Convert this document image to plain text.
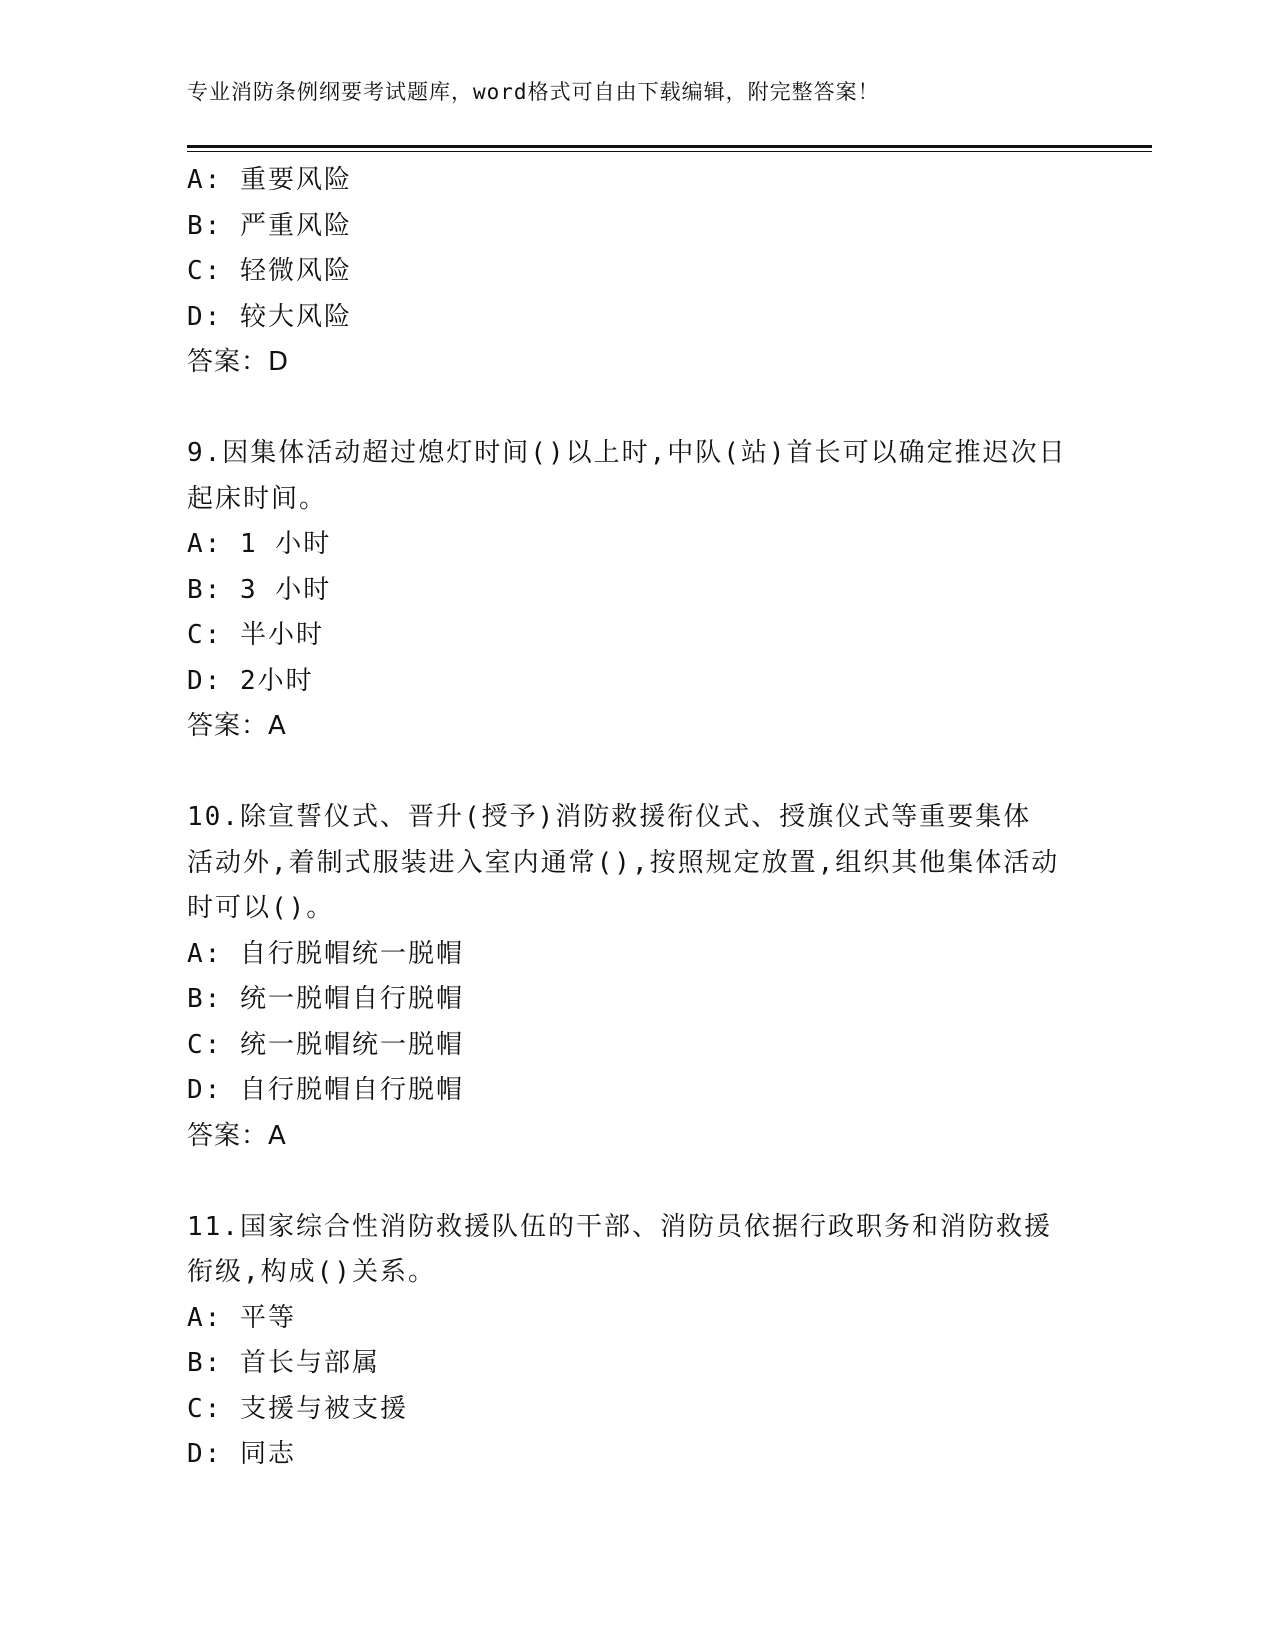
专业消防条例纲要考试题库，word格式可自由下载编辑，附完整答案！
A: 重要风险
B: 严重风险
C: 轻微风险
D: 较大风险
答案：D
9.因集体活动超过熄灯时间()以上时,中队(站)首长可以确定推迟次日
起床时间。
A: 1 小时
B: 3 小时
C: 半小时
D: 2小时
答案：A
10.除宣誓仪式、晋升(授予)消防救援衔仪式、授旗仪式等重要集体
活动外,着制式服装进入室内通常(),按照规定放置,组织其他集体活动
时可以()。
A: 自行脱帽统一脱帽
B: 统一脱帽自行脱帽
C: 统一脱帽统一脱帽
D: 自行脱帽自行脱帽
答案：A
11.国家综合性消防救援队伍的干部、消防员依据行政职务和消防救援
衔级,构成()关系。
A: 平等
B: 首长与部属
C: 支援与被支援
D: 同志
